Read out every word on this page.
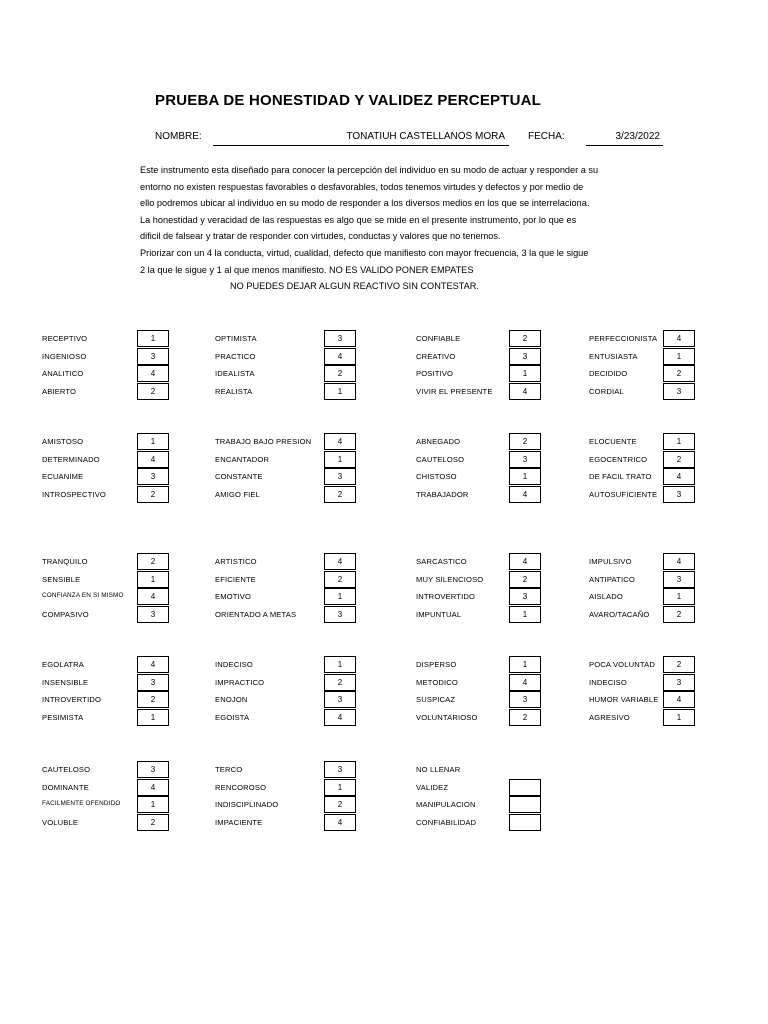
PRUEBA DE HONESTIDAD Y VALIDEZ PERCEPTUAL
NOMBRE:	TONATIUH CASTELLANOS MORA FECHA:	3/23/2022
Este instrumento esta diseñado para conocer la percepción del individuo en su modo de actuar y responder a su
entorno no existen respuestas favorables o desfavorables, todos tenemos virtudes y defectos y por medio de
ello podremos ubicar al individuo en su modo de responder a los diversos medios en los que se interrelaciona.
La honestidad y veracidad de las respuestas es algo que se mide en el presente instrumento, por lo que es
dificil de falsear y tratar de responder con virtudes, conductas y valores que no tenemos.
Priorizar con un 4 la conducta, virtud, cualidad, defecto que manifiesto con mayor frecuencia, 3 la que le sigue
2 la que le sigue y 1 al que menos manifiesto. NO ES VALIDO PONER EMPATES
NO PUEDES DEJAR ALGUN REACTIVO SIN CONTESTAR.
RECEPTIVO	1
INGENIOSO	3
ANALITICO	4
ABIERTO	2
OPTIMISTA	3
PRACTICO	4
IDEALISTA	2
REALISTA	1
CONFIABLE	2
CREATIVO	3
POSITIVO	1
VIVIR EL PRESENTE	4
PERFECCIONISTA	4
ENTUSIASTA	1
DECIDIDO	2
CORDIAL	3
AMISTOSO	1
DETERMINADO	4
ECUANIME	3
INTROSPECTIVO	2
TRABAJO BAJO PRESION	4
ENCANTADOR	1
CONSTANTE	3
AMIGO FIEL	2
ABNEGADO	2
CAUTELOSO	3
CHISTOSO	1
TRABAJADOR	4
ELOCUENTE	1
EGOCENTRICO	2
DE FACIL TRATO	4
AUTOSUFICIENTE	3
TRANQUILO	2
SENSIBLE	1
CONFIANZA EN SI MISMO	4
COMPASIVO	3
ARTISTICO	4
EFICIENTE	2
EMOTIVO	1
ORIENTADO A METAS	3
SARCASTICO	4
MUY SILENCIOSO	2
INTROVERTIDO	3
IMPUNTUAL	1
IMPULSIVO	4
ANTIPATICO	3
AISLADO	1
AVARO/TACAÑO	2
EGOLATRA	4
INSENSIBLE	3
INTROVERTIDO	2
PESIMISTA	1
INDECISO	1
IMPRACTICO	2
ENOJON	3
EGOISTA	4
DISPERSO	1
METODICO	4
SUSPICAZ	3
VOLUNTARIOSO	2
POCA VOLUNTAD	2
INDECISO	3
HUMOR VARIABLE	4
AGRESIVO	1
CAUTELOSO	3
DOMINANTE	4
FACILMENTE OFENDIDO	1
VOLUBLE	2
TERCO	3
RENCOROSO	1
INDISCIPLINADO	2
IMPACIENTE	4
NO LLENAR
VALIDEZ
MANIPULACION
CONFIABILIDAD
